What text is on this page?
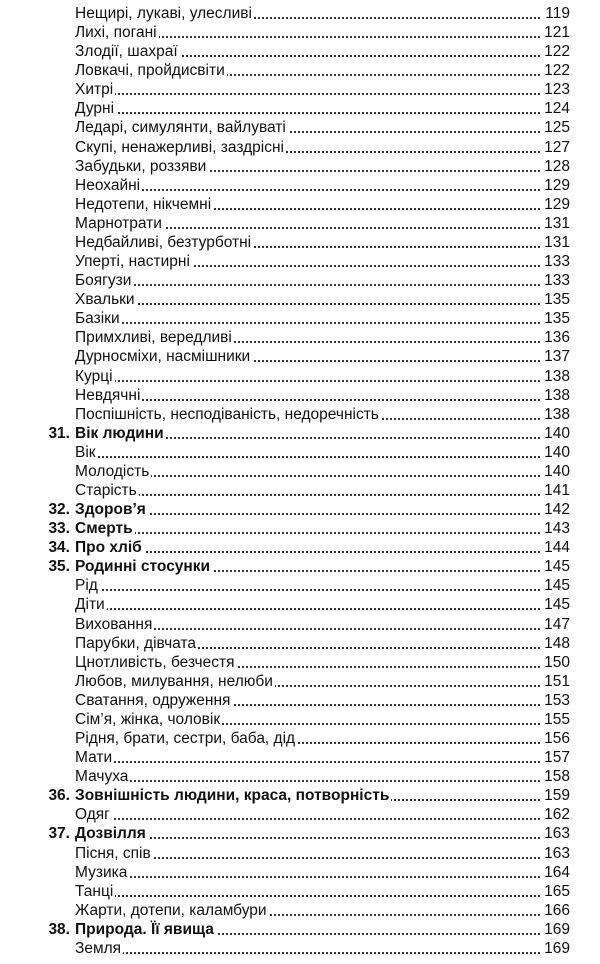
Нещирі, лукаві, улесливі	119
Лихі, погані	121
Злодії, шахраї	122
Ловкачі, пройдисвіти	122
Хитрі	123
Дурні	124
Ледарі, симулянти, вайлуваті	125
Скупі, ненажерливі, заздрісні	127
Забудьки, роззяви	128
Неохайні	129
Недотепи, нікчемні	129
Марнотрати	131
Недбайливі, безтурботні	131
Уперті, настирні	133
Боягузи	133
Хвальки	135
Базіки	135
Примхливі, вередливі	136
Дурносміхи, насмішники	137
Курці	138
Невдячні	138
Поспішність, несподіваність, недоречність	138
31. Вік людини	140
Вік	140
Молодість	140
Старість	141
32. Здоров’я	142
33. Смерть	143
34. Про хліб	144
35. Родинні стосунки	145
Рід	145
Діти	145
Виховання	147
Парубки, дівчата	148
Цнотливість, безчестя	150
Любов, милування, нелюби	151
Сватання, одруження	153
Сім’я, жінка, чоловік	155
Рідня, брати, сестри, баба, дід	156
Мати	157
Мачуха	158
36. Зовнішність людини, краса, потворність	159
Одяг	162
37. Дозвілля	163
Пісня, спів	163
Музика	164
Танці	165
Жарти, дотепи, каламбури	166
38. Природа. Її явища	169
Земля	169
